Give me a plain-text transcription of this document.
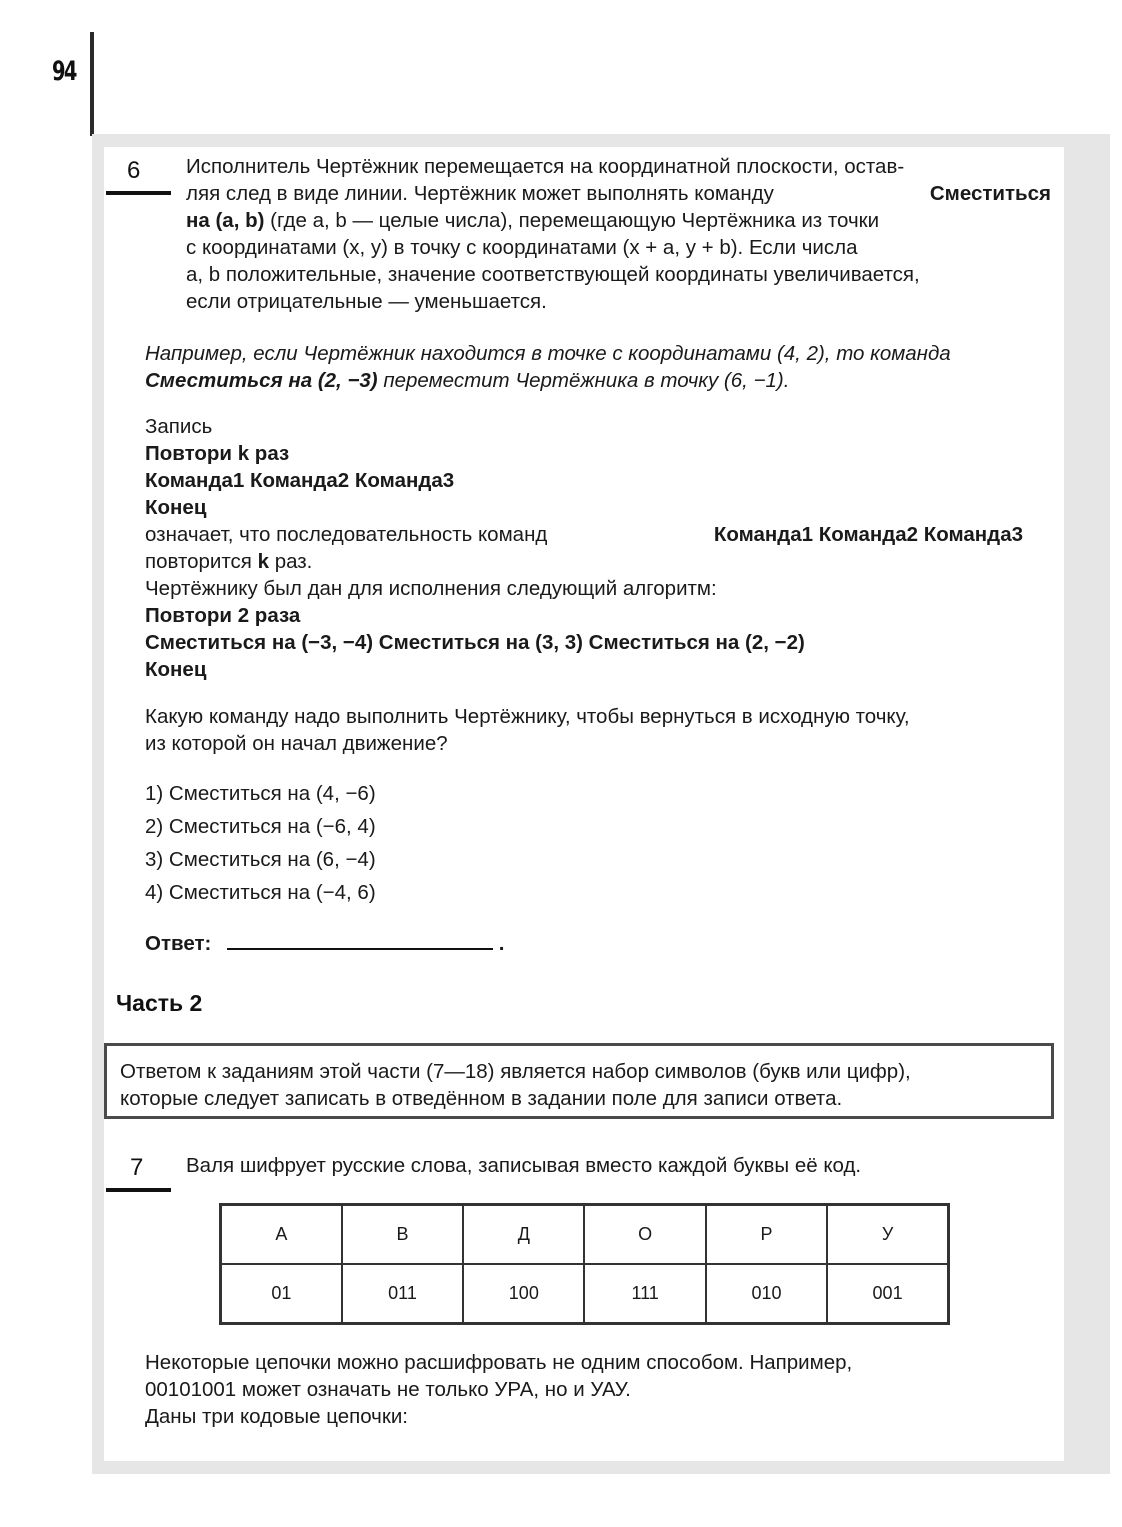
94
6 Исполнитель Чертёжник перемещается на координатной плоскости, остав-
ляя след в виде линии. Чертёжник может выполнять команду	Сместиться
на (a, b) (где a, b — целые числа), перемещающую Чертёжника из точки
с координатами (x, y) в точку с координатами (x + a, y + b). Если числа
a, b положительные, значение соответствующей координаты увеличивается,
если отрицательные — уменьшается.
Например, если Чертёжник находится в точке с координатами (4, 2), то команда
Сместиться на (2, −3) переместит Чертёжника в точку (6, −1).
Запись
Повтори k раз
Команда1 Команда2 Команда3
Конец
означает, что последовательность команд	Команда1 Команда2 Команда3
повторится k раз.
Чертёжнику был дан для исполнения следующий алгоритм:
Повтори 2 раза
Сместиться на (−3, −4) Сместиться на (3, 3) Сместиться на (2, −2)
Конец
Какую команду надо выполнить Чертёжнику, чтобы вернуться в исходную точку,
из которой он начал движение?
1) Сместиться на (4, −6)
2) Сместиться на (−6, 4)
3) Сместиться на (6, −4)
4) Сместиться на (−4, 6)
Ответ:	.
Часть 2
Ответом к заданиям этой части (7—18) является набор символов (букв или цифр),
которые следует записать в отведённом в задании поле для записи ответа.
7 Валя шифрует русские слова, записывая вместо каждой буквы её код.
А	В	Д	О	Р	У
01	011	100	111	010	001
Некоторые цепочки можно расшифровать не одним способом. Например,
00101001 может означать не только УРА, но и УАУ.
Даны три кодовые цепочки:
